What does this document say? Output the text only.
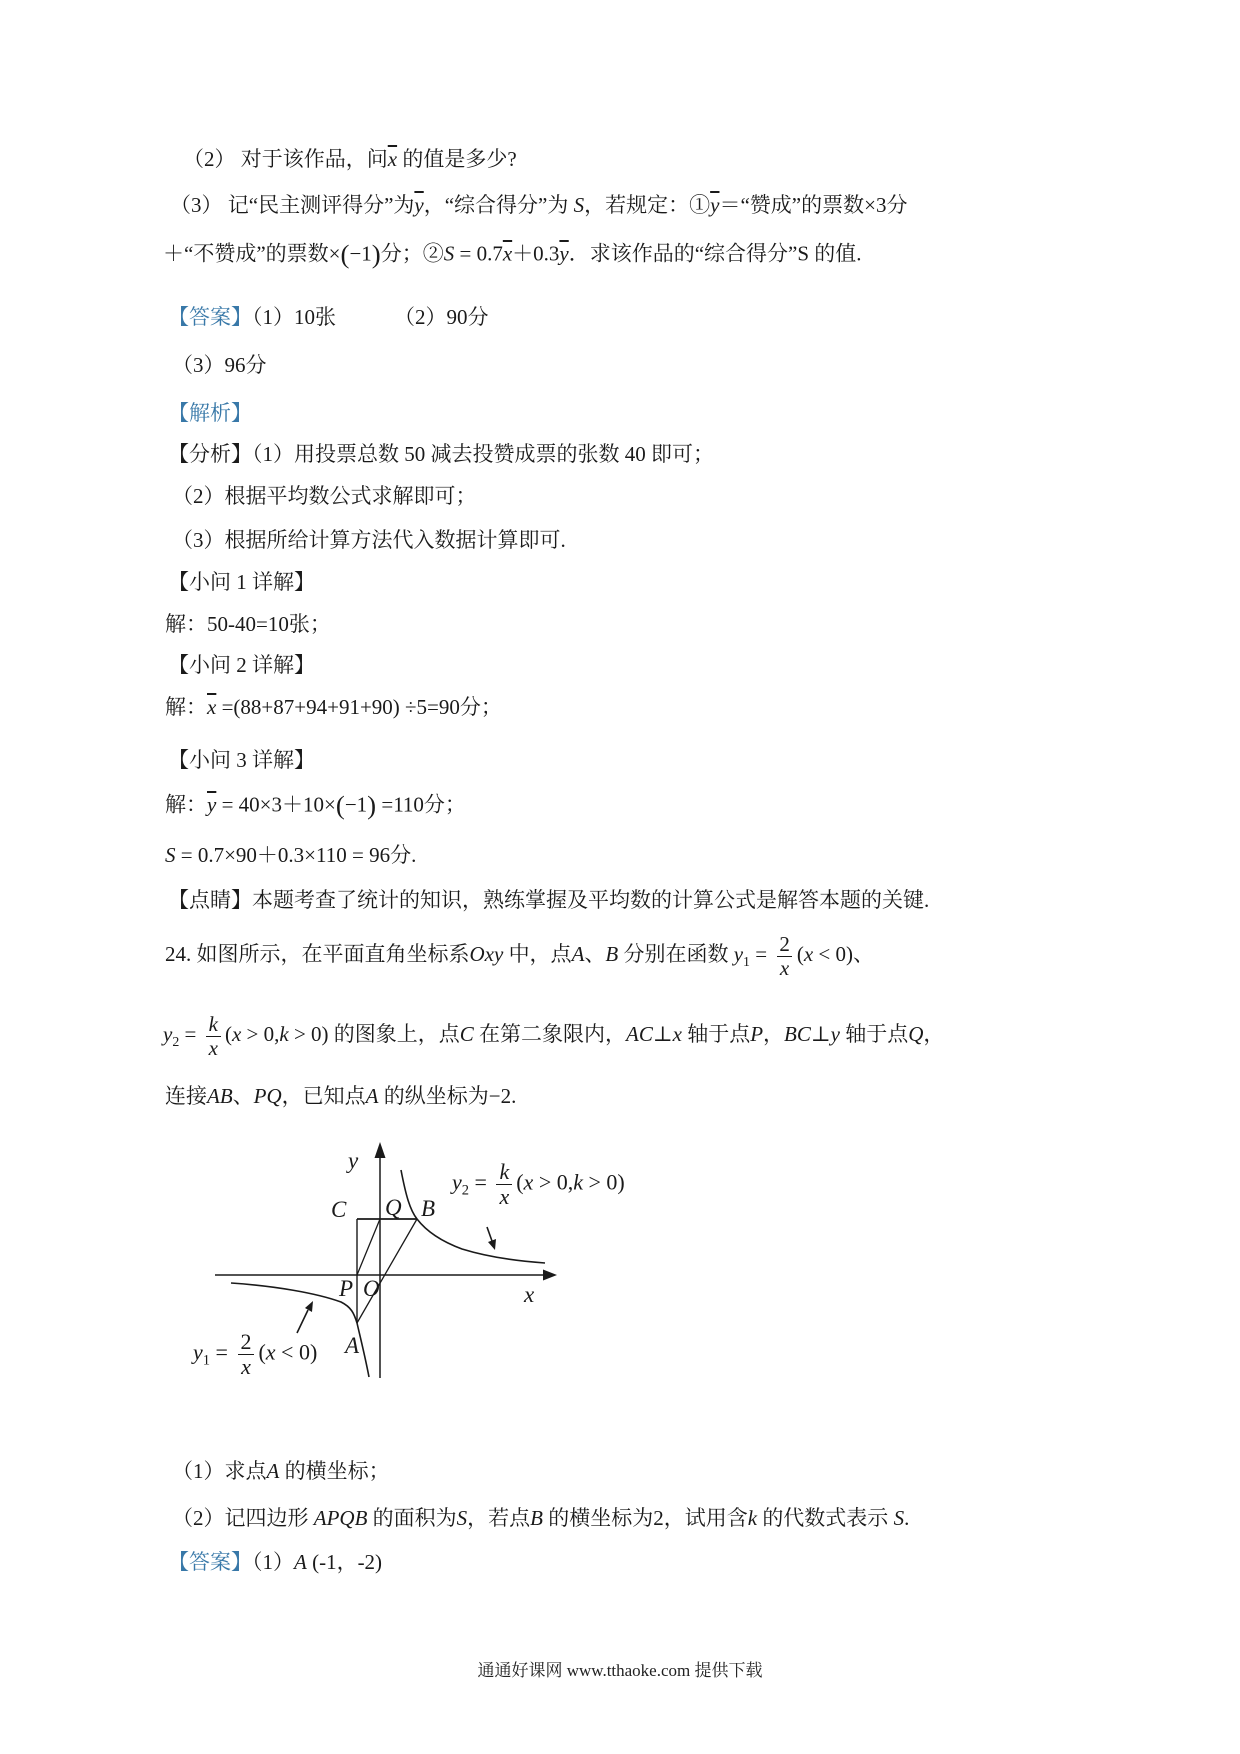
（2） 对于该作品，问$\overline{x}$ 的值是多少?
（3） 记“民主测评得分”为$\overline{y}$，“综合得分”为 S，若规定：$①\overline{y}=“$赞成”的票数×3分
＋“不赞成”的票数×(−1)分；②S = $0.7\overline{x}+0.3\overline{y}$．求该作品的“综合得分”S 的值.
【答案】（1）10张	（2）90分
（3）96分
【解析】
【分析】（1）用投票总数 50 减去投赞成票的张数 40 即可；
（2）根据平均数公式求解即可；
（3）根据所给计算方法代入数据计算即可.
【小问 1 详解】
解：50-40=10张；
【小问 2 详解】
解：$\overline{x} =(88+87+94+91+90) \div 5=90$分；
【小问 3 详解】
解：$\overline{y} = 40\times 3+10\times(-1) =110$分；
S = 0.7×90＋0.3×110 = 96分.
【点睛】本题考查了统计的知识，熟练掌握及平均数的计算公式是解答本题的关键.
24. 如图所示，在平面直角坐标系Oxy 中，点A、B 分别在函数 $y_1 = \frac{2}{x} (x < 0)$、
$y_2 = \frac{k}{x} (x > 0,k > 0)$ 的图象上，点C 在第二象限内，AC⊥x 轴于点P，BC⊥y 轴于点Q，
连接AB、PQ，已知点A 的纵坐标为−2.
y
x
C Q B
P O
A
$y_2 = \frac{k}{x} (x > 0,k > 0)$
$y_1 = \frac{2}{x} (x < 0)$
（1）求点A 的横坐标；
（2）记四边形 APQB 的面积为S，若点B 的横坐标为2，试用含k 的代数式表示 S.
【答案】（1）A (-1，-2)
通通好课网 www.tthaoke.com 提供下载
